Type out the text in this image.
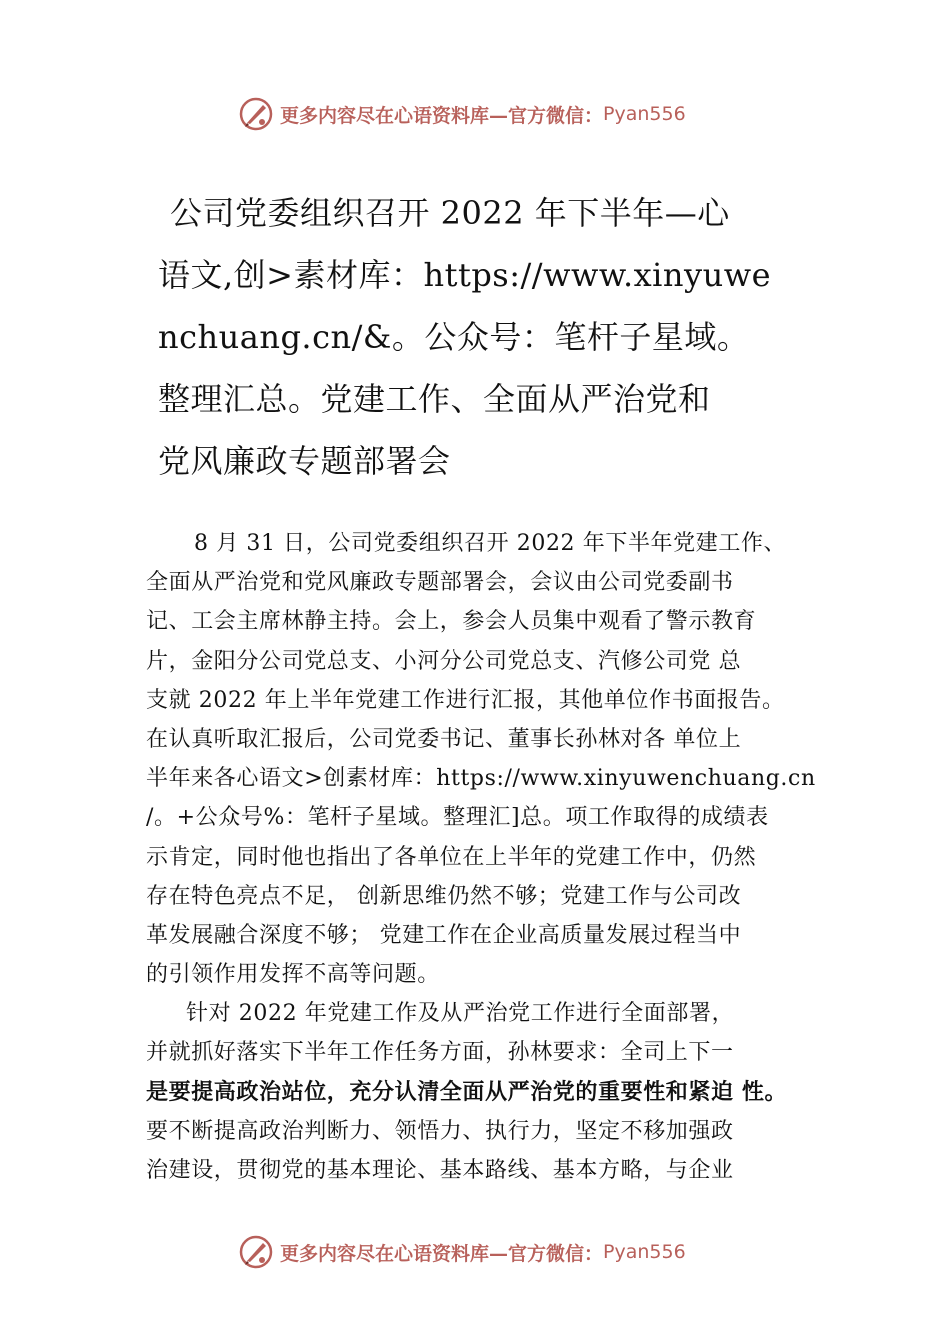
更多内容尽在心语资料库—官方微信： Pyan556
公司党委组织召开 2022 年下半年—心
语文,创>素材库：https://www.xinyuwe
nchuang.cn/&。公众号：笔杆子星域。
整理汇总。党建工作、全面从严治党和
党风廉政专题部署会
8 月 31 日，公司党委组织召开 2022 年下半年党建工作、
全面从严治党和党风廉政专题部署会，会议由公司党委副书
记、工会主席林静主持。会上，参会人员集中观看了警示教育
片，金阳分公司党总支、小河分公司党总支、汽修公司党 总
支就 2022 年上半年党建工作进行汇报，其他单位作书面报告。
在认真听取汇报后，公司党委书记、董事长孙林对各 单位上
半年来各心语文>创素材库：https://www.xinyuwenchuang.cn
/。+公众号%：笔杆子星域。整理汇]总。项工作取得的成绩表
示肯定，同时他也指出了各单位在上半年的党建工作中，仍然
存在特色亮点不足， 创新思维仍然不够；党建工作与公司改
革发展融合深度不够； 党建工作在企业高质量发展过程当中
的引领作用发挥不高等问题。
针对 2022 年党建工作及从严治党工作进行全面部署，
并就抓好落实下半年工作任务方面，孙林要求：全司上下一
是要提高政治站位，充分认清全面从严治党的重要性和紧迫 性。
要不断提高政治判断力、领悟力、执行力，坚定不移加强政
治建设，贯彻党的基本理论、基本路线、基本方略，与企业
更多内容尽在心语资料库—官方微信： Pyan556
